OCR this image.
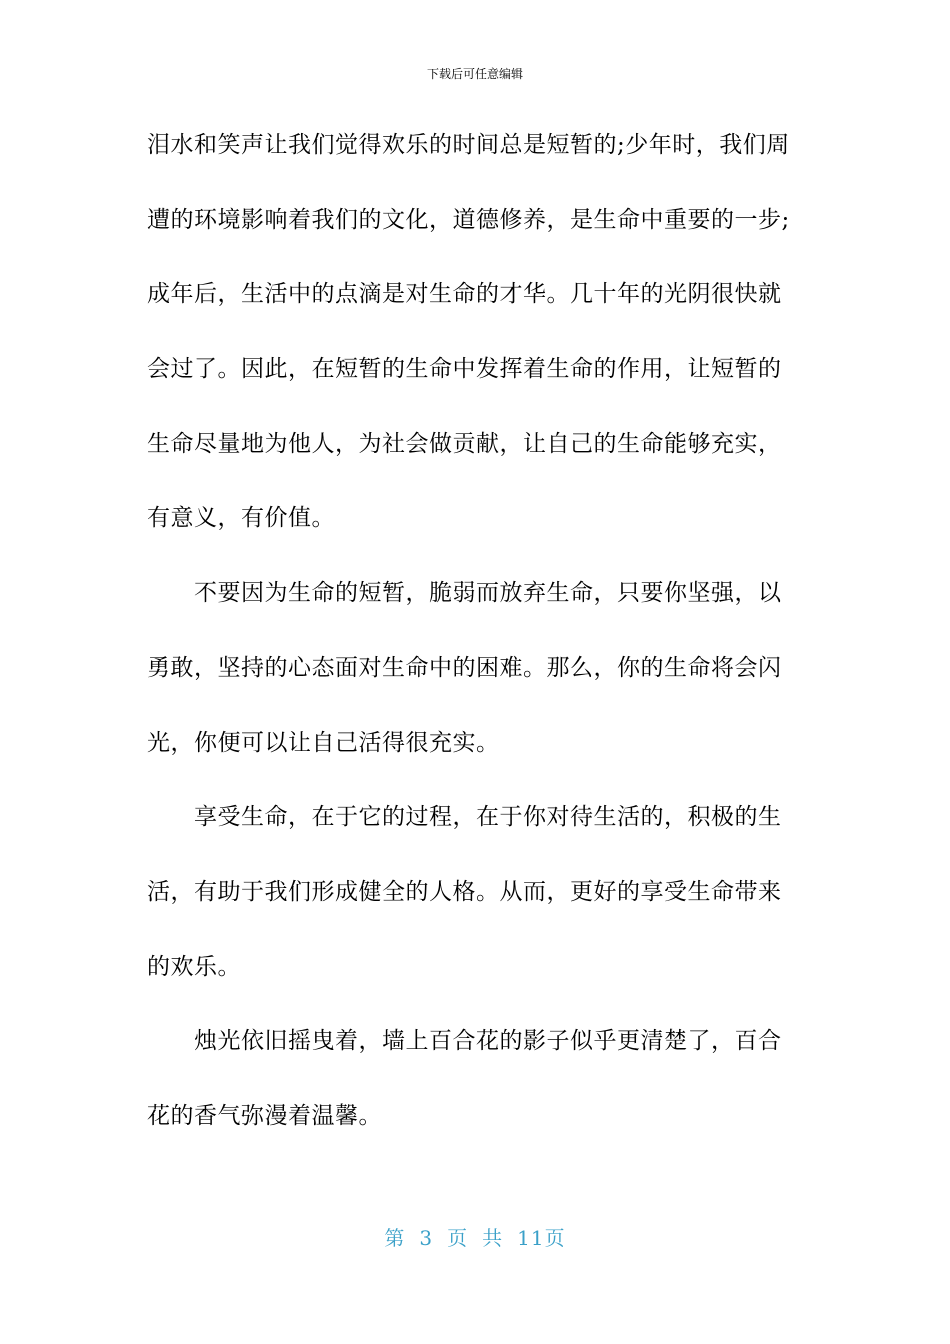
下载后可任意编辑
泪水和笑声让我们觉得欢乐的时间总是短暂的;少年时，我们周
遭的环境影响着我们的文化，道德修养，是生命中重要的一步;
成年后，生活中的点滴是对生命的才华。几十年的光阴很快就
会过了。因此，在短暂的生命中发挥着生命的作用，让短暂的
生命尽量地为他人，为社会做贡献，让自己的生命能够充实，
有意义，有价值。
不要因为生命的短暂，脆弱而放弃生命，只要你坚强，以
勇敢，坚持的心态面对生命中的困难。那么，你的生命将会闪
光，你便可以让自己活得很充实。
享受生命，在于它的过程，在于你对待生活的，积极的生
活，有助于我们形成健全的人格。从而，更好的享受生命带来
的欢乐。
烛光依旧摇曳着，墙上百合花的影子似乎更清楚了，百合
花的香气弥漫着温馨。
第 3 页 共 11页
